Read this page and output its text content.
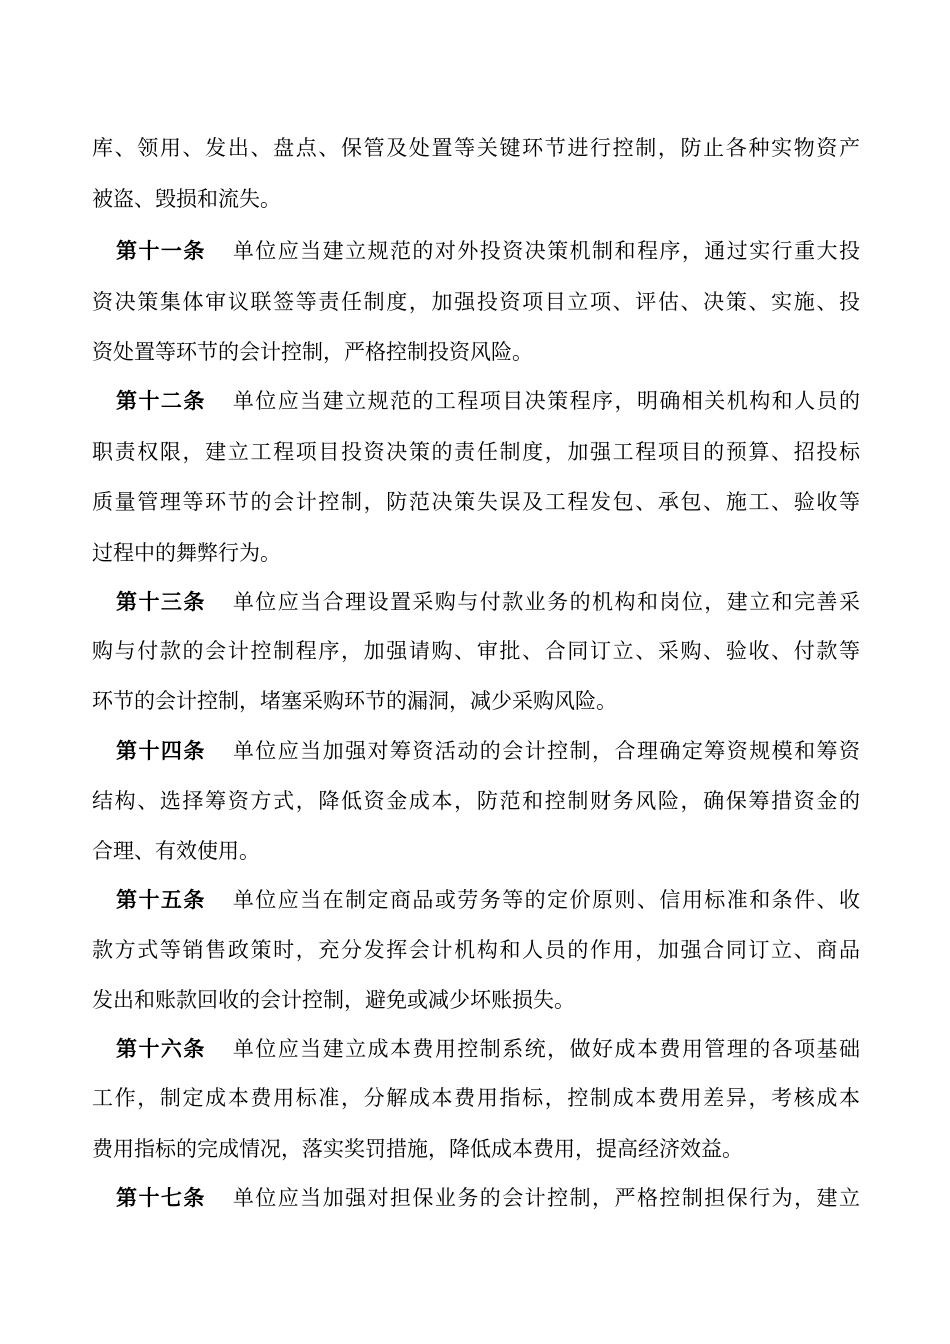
库、领用、发出、盘点、保管及处置等关键环节进行控制，防止各种实物资产
被盗、毁损和流失。
第十一条 单位应当建立规范的对外投资决策机制和程序，通过实行重大投
资决策集体审议联签等责任制度，加强投资项目立项、评估、决策、实施、投
资处置等环节的会计控制，严格控制投资风险。
第十二条 单位应当建立规范的工程项目决策程序，明确相关机构和人员的
职责权限，建立工程项目投资决策的责任制度，加强工程项目的预算、招投标
质量管理等环节的会计控制，防范决策失误及工程发包、承包、施工、验收等
过程中的舞弊行为。
第十三条 单位应当合理设置采购与付款业务的机构和岗位，建立和完善采
购与付款的会计控制程序，加强请购、审批、合同订立、采购、验收、付款等
环节的会计控制，堵塞采购环节的漏洞，减少采购风险。
第十四条 单位应当加强对筹资活动的会计控制，合理确定筹资规模和筹资
结构、选择筹资方式，降低资金成本，防范和控制财务风险，确保筹措资金的
合理、有效使用。
第十五条 单位应当在制定商品或劳务等的定价原则、信用标准和条件、收
款方式等销售政策时，充分发挥会计机构和人员的作用，加强合同订立、商品
发出和账款回收的会计控制，避免或减少坏账损失。
第十六条 单位应当建立成本费用控制系统，做好成本费用管理的各项基础
工作，制定成本费用标准，分解成本费用指标，控制成本费用差异，考核成本
费用指标的完成情况，落实奖罚措施，降低成本费用，提高经济效益。
第十七条 单位应当加强对担保业务的会计控制，严格控制担保行为，建立
